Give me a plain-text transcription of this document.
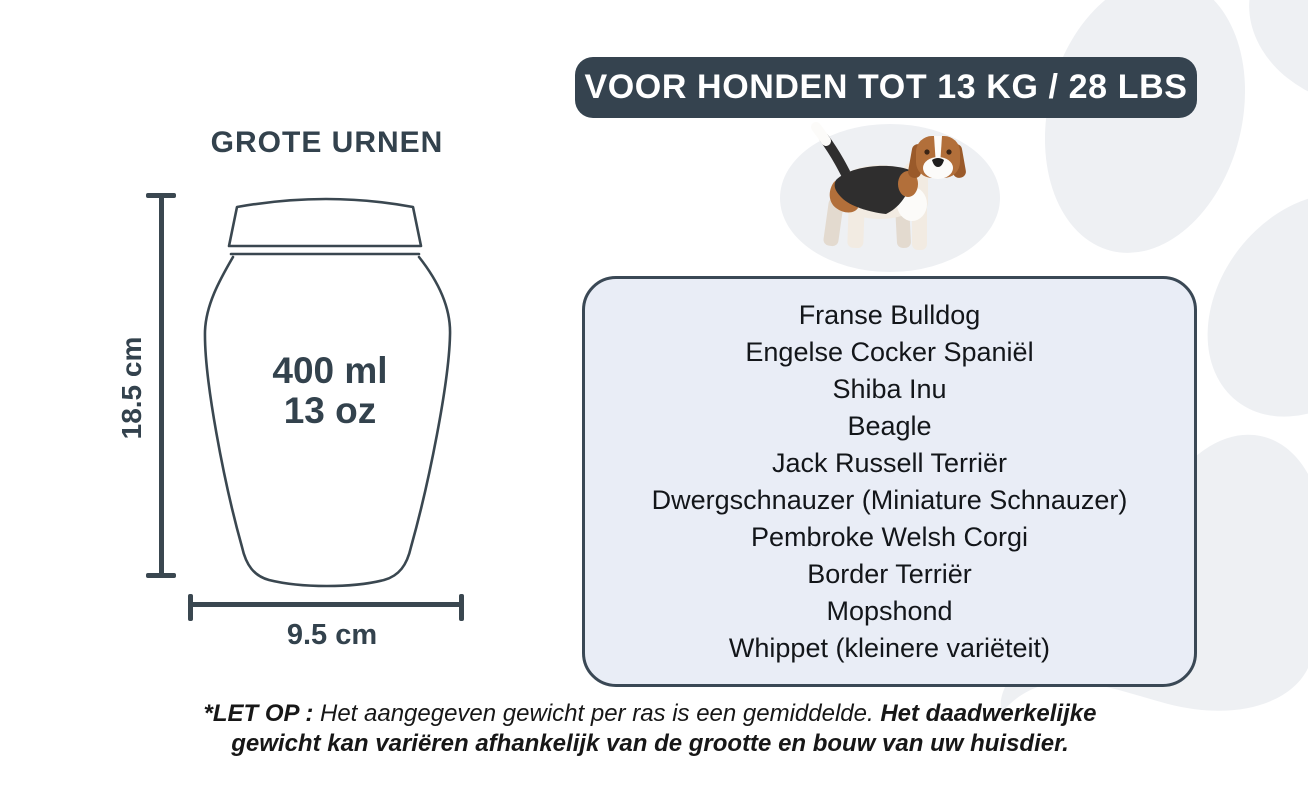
VOOR HONDEN TOT 13 KG / 28 LBS
GROTE URNEN
18.5 cm	400 ml
13 oz
9.5 cm
Franse Bulldog
Engelse Cocker Spaniël
Shiba Inu
Beagle
Jack Russell Terriër
Dwergschnauzer (Miniature Schnauzer)
Pembroke Welsh Corgi
Border Terriër
Mopshond
Whippet (kleinere variëteit)
*LET OP : Het aangegeven gewicht per ras is een gemiddelde. Het daadwerkelijke gewicht kan variëren afhankelijk van de grootte en bouw van uw huisdier.
